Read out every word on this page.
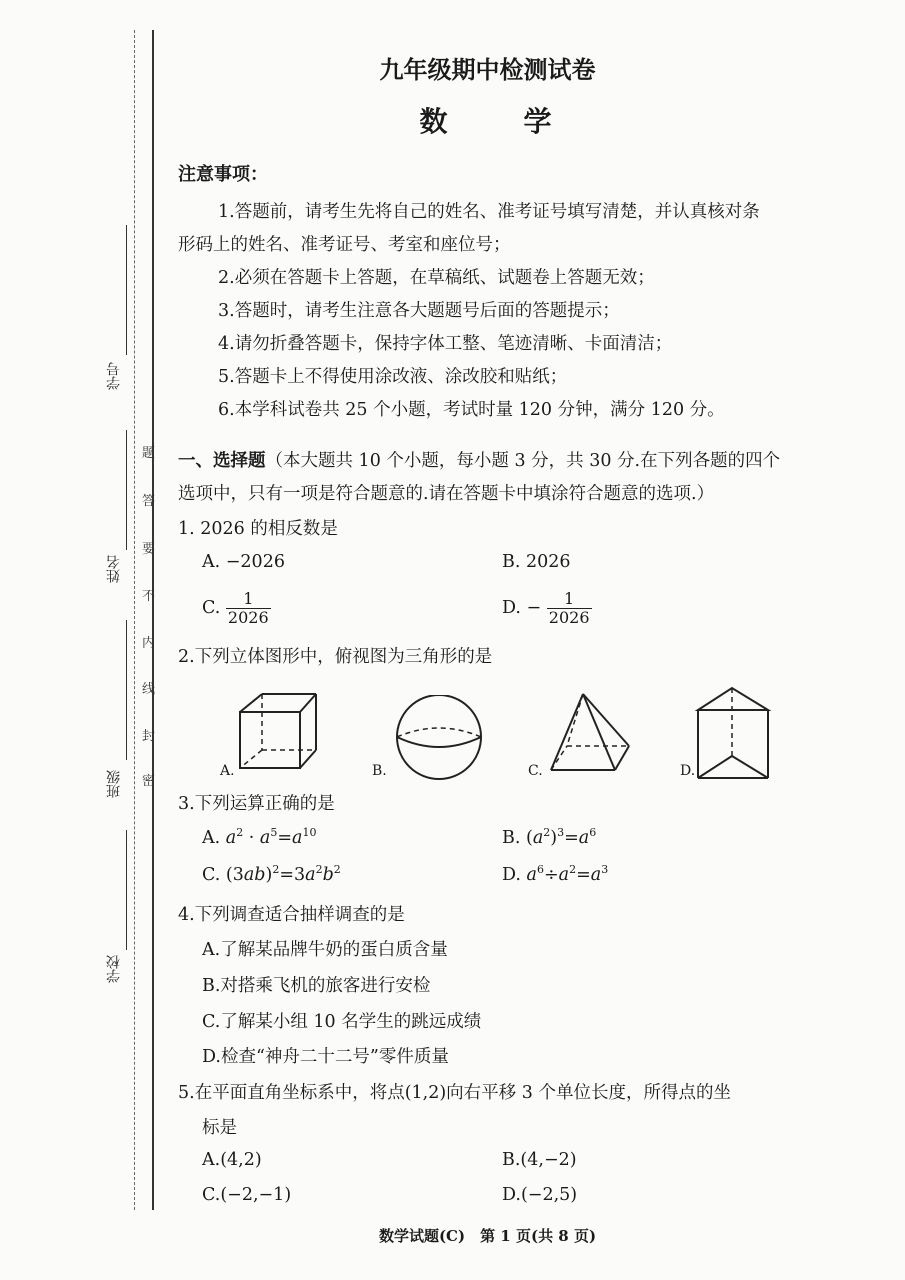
学号
姓名
班级
学校
密
封
线
内
不
要
答
题
九年级期中检测试卷
数　学
注意事项：
1.答题前，请考生先将自己的姓名、准考证号填写清楚，并认真核对条
形码上的姓名、准考证号、考室和座位号；
2.必须在答题卡上答题，在草稿纸、试题卷上答题无效；
3.答题时，请考生注意各大题题号后面的答题提示；
4.请勿折叠答题卡，保持字体工整、笔迹清晰、卡面清洁；
5.答题卡上不得使用涂改液、涂改胶和贴纸；
6.本学科试卷共 25 个小题，考试时量 120 分钟，满分 120 分。
一、选择题（本大题共 10 个小题，每小题 3 分，共 30 分.在下列各题的四个
选项中，只有一项是符合题意的.请在答题卡中填涂符合题意的选项.）
1. 2026 的相反数是
A. −2026	B. 2026
C. $\frac{1}{2026}$	D. − $\frac{1}{2026}$
2.下列立体图形中，俯视图为三角形的是
A.	B.	C.	D.
3.下列运算正确的是
A. $a^2 \cdot a^5=a^{10}$	B. $(a^2)^3=a^6$
C. $(3ab)^2=3a^2b^2$	D. $a^6\div a^2=a^3$
4.下列调查适合抽样调查的是
A.了解某品牌牛奶的蛋白质含量
B.对搭乘飞机的旅客进行安检
C.了解某小组 10 名学生的跳远成绩
D.检查“神舟二十二号”零件质量
5.在平面直角坐标系中，将点(1,2)向右平移 3 个单位长度，所得点的坐
标是
A.(4,2)	B.(4,−2)
C.(−2,−1)	D.(−2,5)
数学试题(C)　第 1 页(共 8 页)
